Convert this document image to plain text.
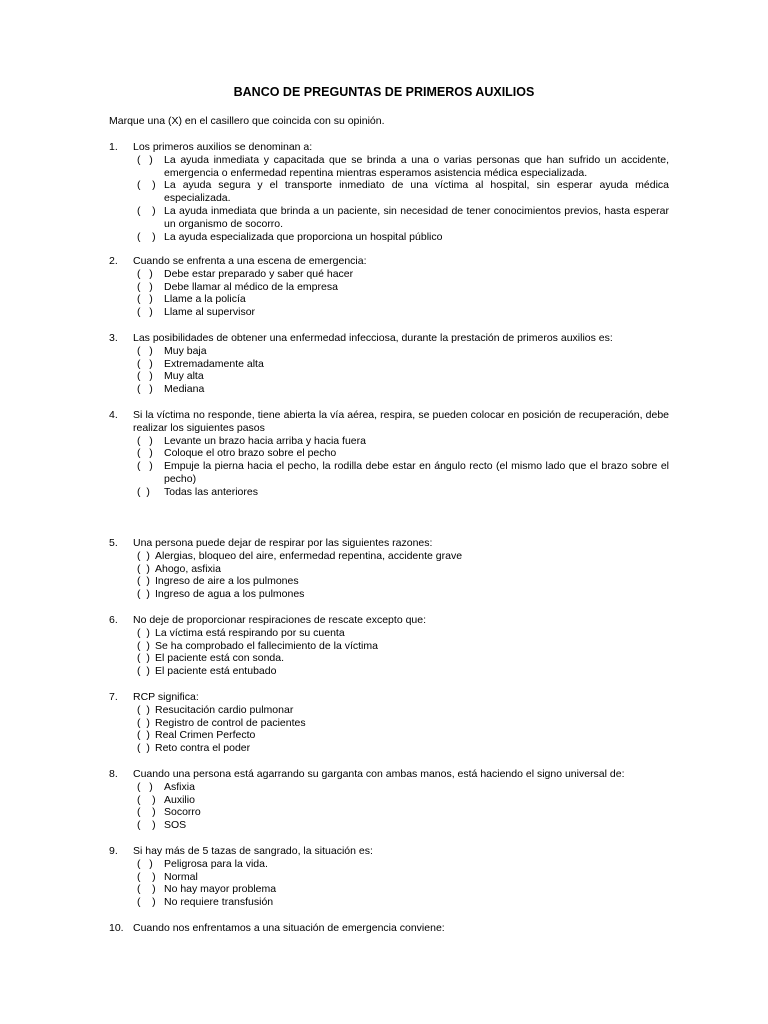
BANCO DE PREGUNTAS DE PRIMEROS AUXILIOS
Marque una (X) en el casillero que coincida con su opinión.
1. Los primeros auxilios se denominan a:
(   ) La ayuda inmediata y capacitada que se brinda a una o varias personas que han sufrido un accidente, emergencia o enfermedad repentina mientras esperamos asistencia médica especializada.
(    ) La ayuda segura y el transporte inmediato de una víctima al hospital, sin esperar ayuda médica especializada.
(    ) La ayuda inmediata que brinda a un paciente, sin necesidad de tener conocimientos previos, hasta esperar un organismo de socorro.
(    ) La ayuda especializada que proporciona un hospital público
2. Cuando se enfrenta a una escena de emergencia:
(   ) Debe estar preparado y saber qué hacer
(   ) Debe llamar al médico de la empresa
(   ) Llame a la policía
(   ) Llame al supervisor
3. Las posibilidades de obtener una enfermedad infecciosa, durante la prestación de primeros auxilios es:
(   ) Muy baja
(   ) Extremadamente alta
(   ) Muy alta
(   ) Mediana
4. Si la víctima no responde, tiene abierta la vía aérea, respira, se pueden colocar en posición de recuperación, debe realizar los siguientes pasos
(   ) Levante un brazo hacia arriba y hacia fuera
(   ) Coloque el otro brazo sobre el pecho
(   ) Empuje la pierna hacia el pecho, la rodilla debe estar en ángulo recto (el mismo lado que el brazo sobre el pecho)
(  ) Todas las anteriores
5. Una persona puede dejar de respirar por las siguientes razones:
(  ) Alergias, bloqueo del aire, enfermedad repentina, accidente grave
(  ) Ahogo, asfixia
(  ) Ingreso de aire a los pulmones
(  ) Ingreso de agua a los pulmones
6. No deje de proporcionar respiraciones de rescate excepto que:
(  ) La víctima está respirando por su cuenta
(  ) Se ha comprobado el fallecimiento de la víctima
(  ) El paciente está con sonda.
(  ) El paciente está entubado
7. RCP significa:
(  ) Resucitación cardio pulmonar
(  ) Registro de control de pacientes
(  ) Real Crimen Perfecto
(  ) Reto contra el poder
8. Cuando una persona está agarrando su garganta con ambas manos, está haciendo el signo universal de:
(   ) Asfixia
(    ) Auxilio
(    ) Socorro
(    ) SOS
9. Si hay más de 5 tazas de sangrado, la situación es:
(   ) Peligrosa para la vida.
(    ) Normal
(    ) No hay mayor problema
(    ) No requiere transfusión
10. Cuando nos enfrentamos a una situación de emergencia conviene:
